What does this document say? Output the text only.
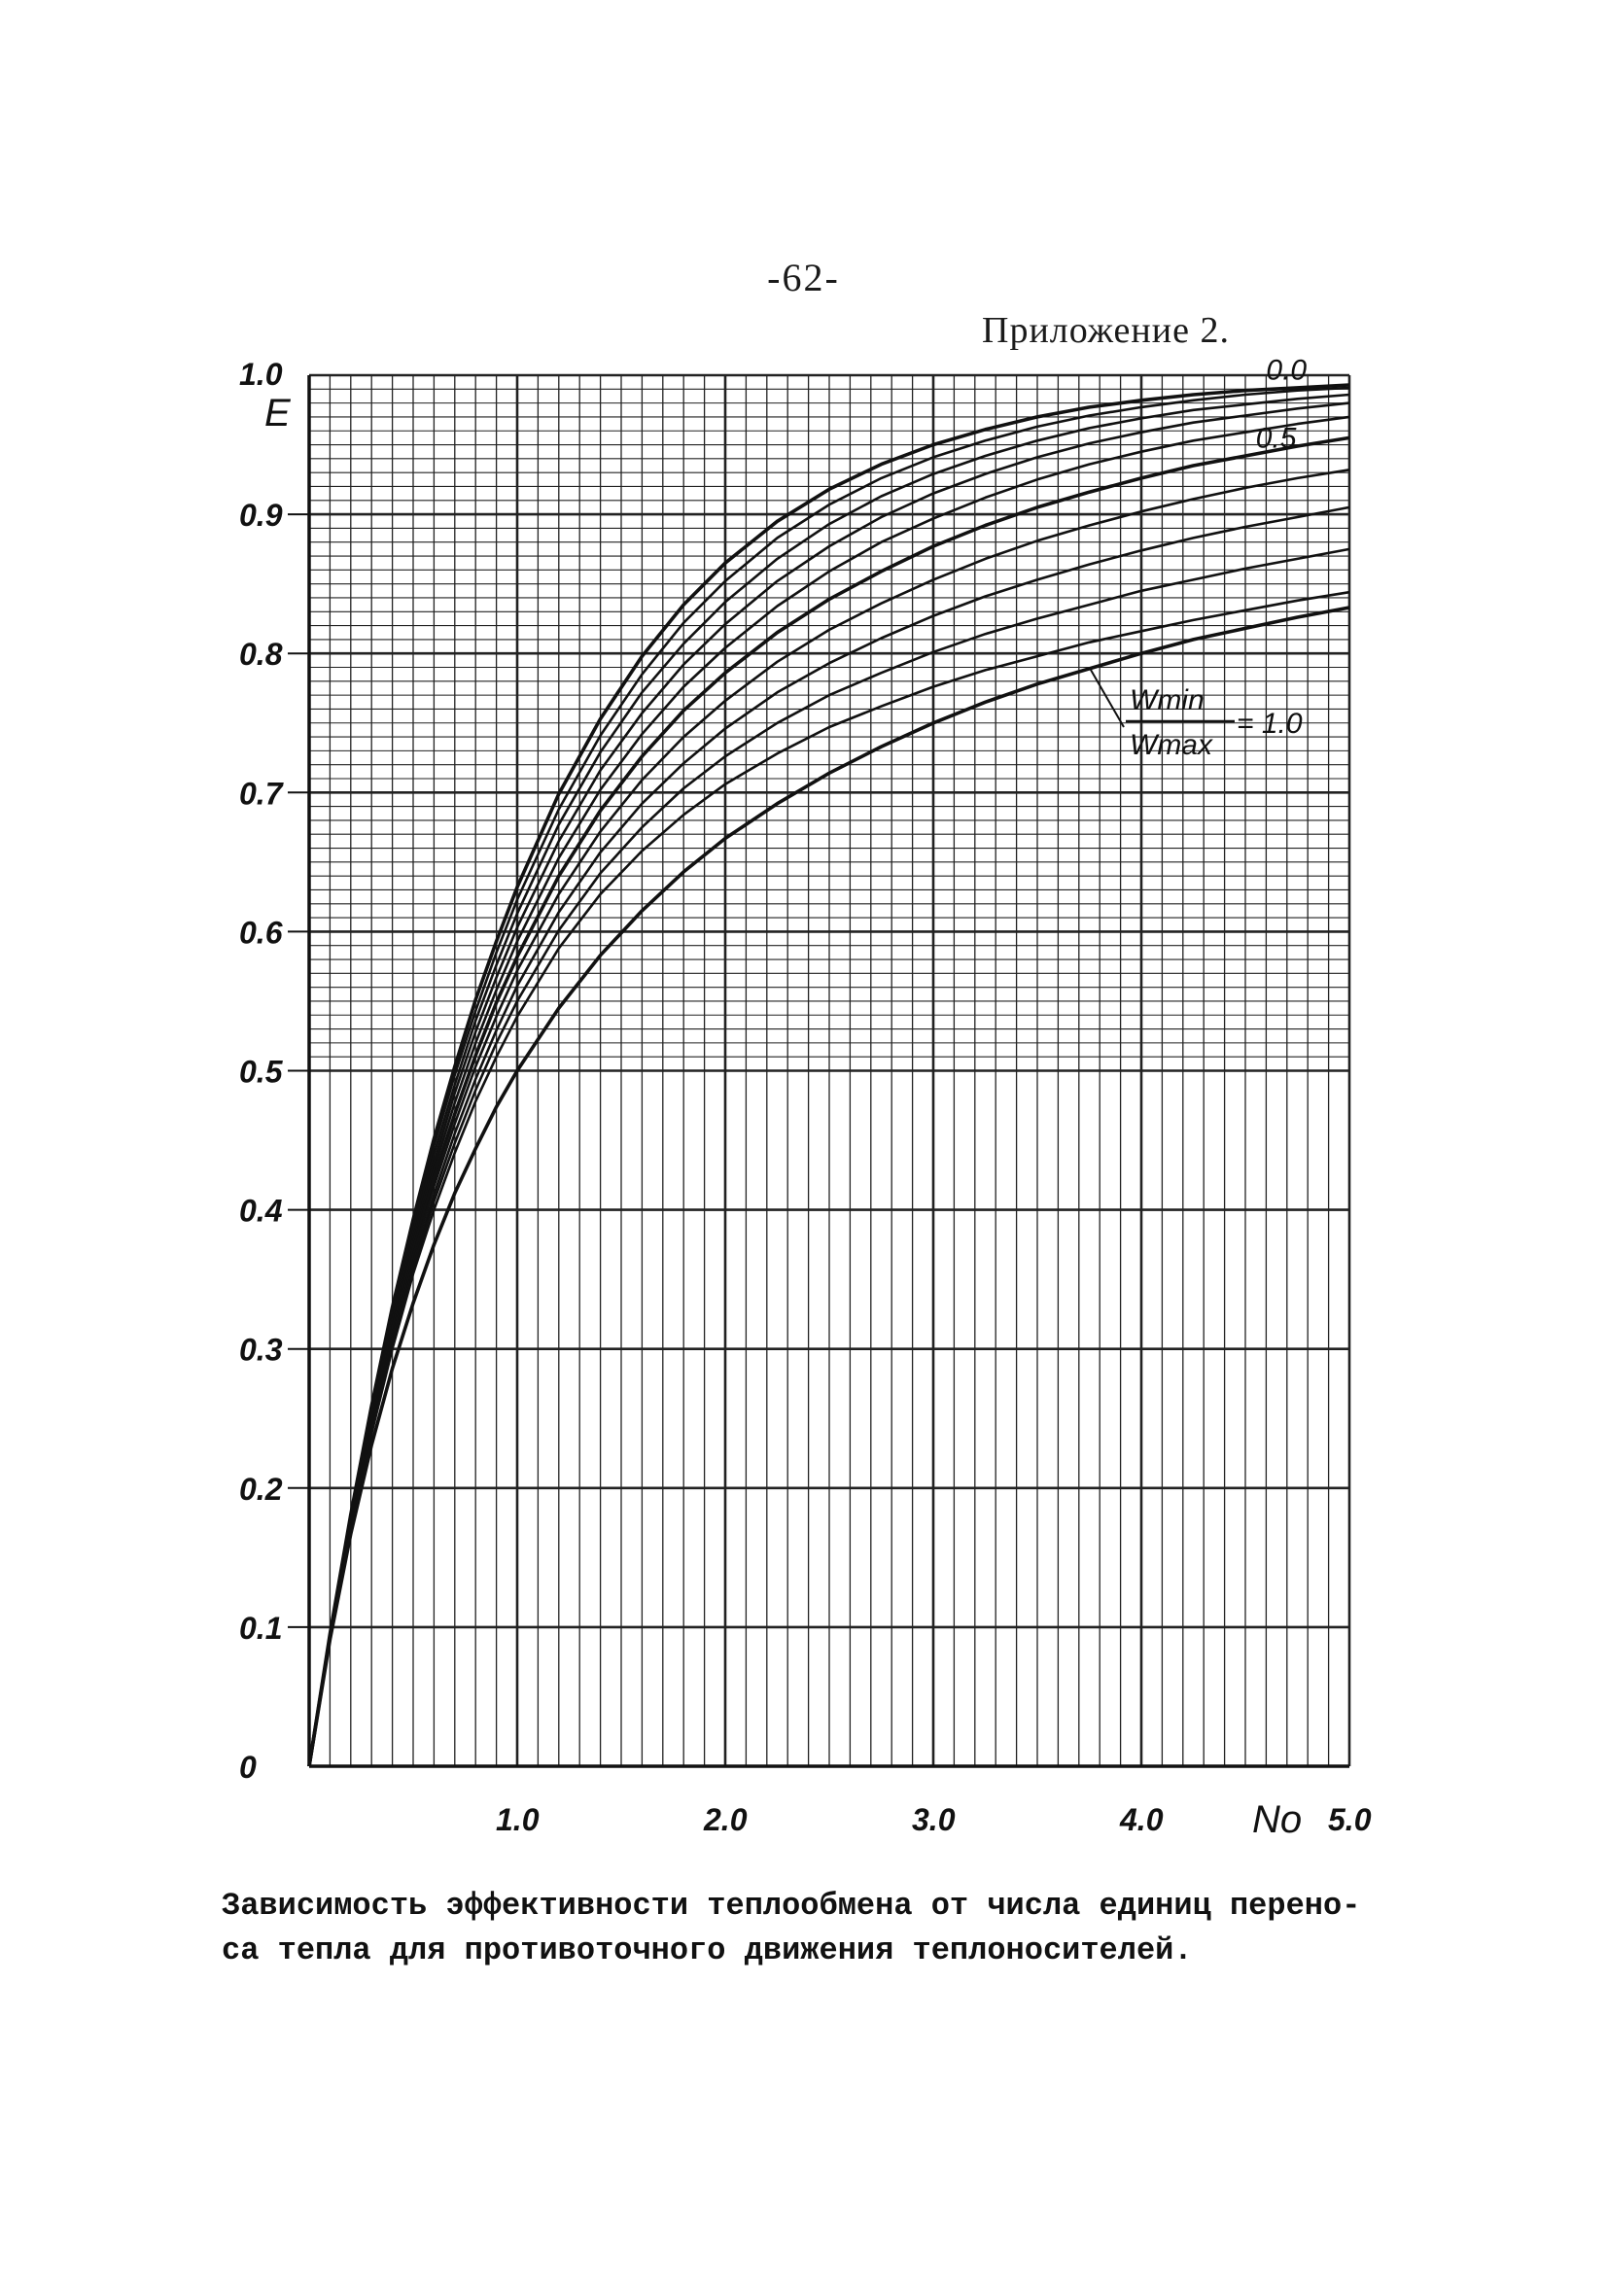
-62-
Приложение 2.
0
0.1
0.2
0.3
0.4
0.5
0.6
0.7
0.8
0.9
1.0	2.0	3.0	4.0	5.0
1.0
E
No
0.0
0.5
Wmin
Wmax
= 1.0
Зависимость эффективности теплообмена от числа единиц перено-
са тепла для противоточного движения теплоносителей.
